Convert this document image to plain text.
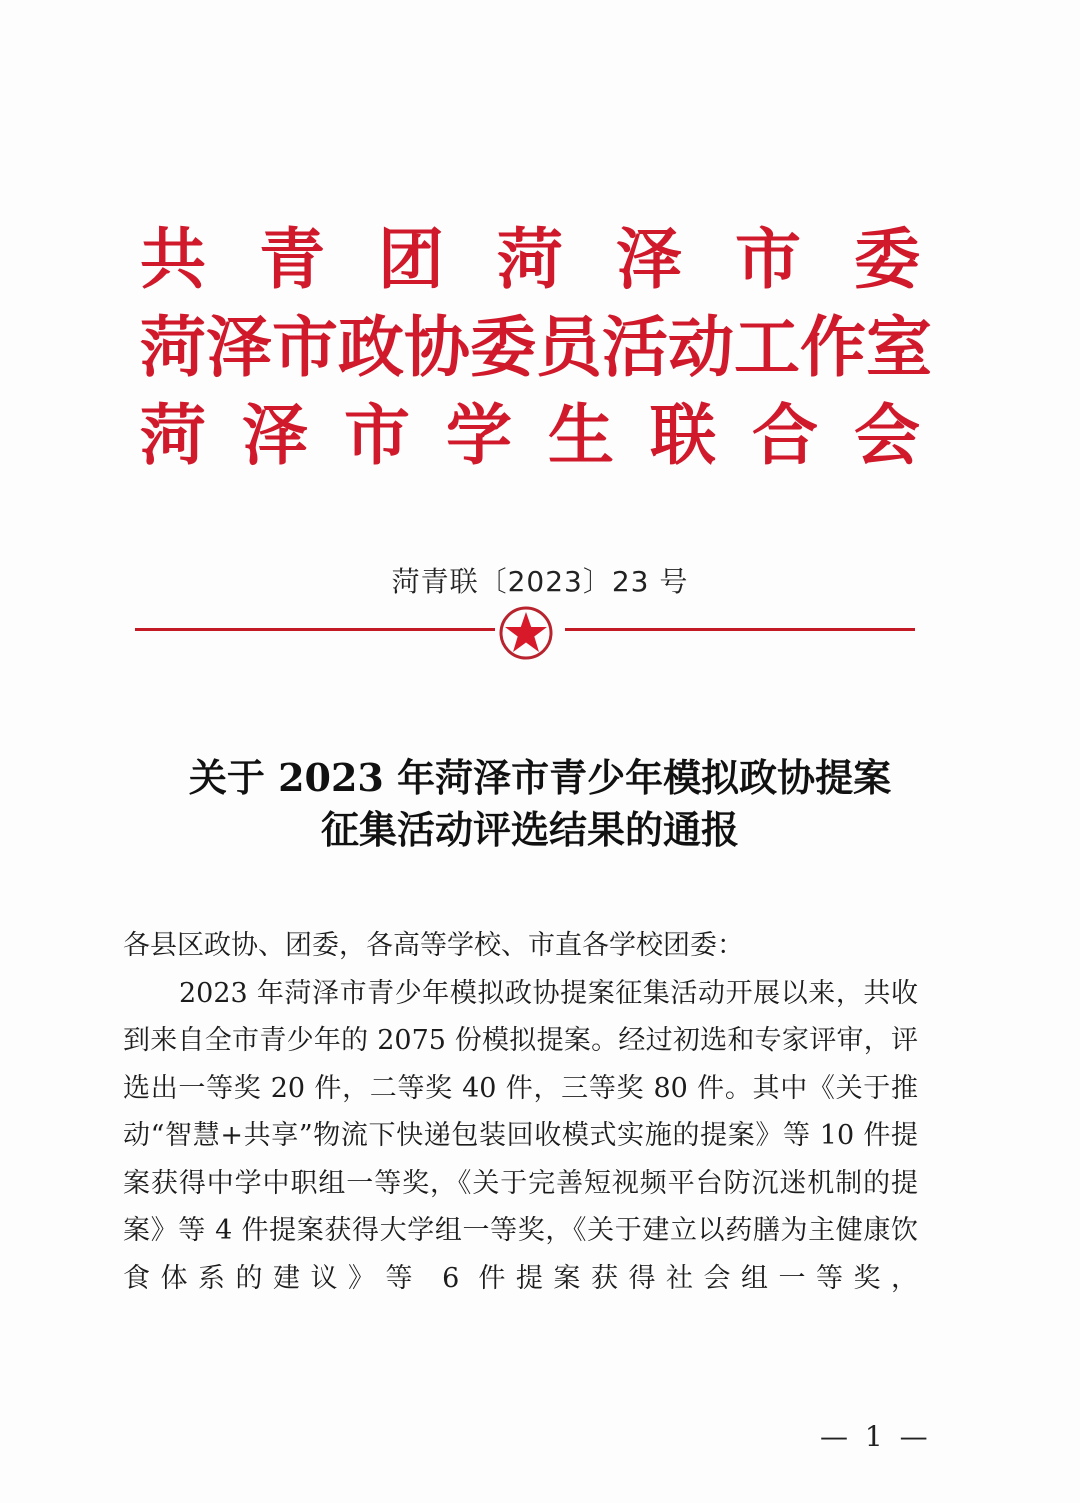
共 青 团 菏 泽 市 委
菏 泽 市 政 协 委 员 活 动 工 作 室
菏 泽 市 学 生 联 合 会
菏青联〔2023〕23 号
关于 2023 年菏泽市青少年模拟政协提案
征集活动评选结果的通报

各县区政协、团委，各高等学校、市直各学校团委：

2023 年菏泽市青少年模拟政协提案征集活动开展以来，共收到来自全市青少年的 2075 份模拟提案。经过初选和专家评审，评选出一等奖 20 件，二等奖 40 件，三等奖 80 件。其中《关于推动“智慧+共享”物流下快递包装回收模式实施的提案》等 10 件提案获得中学中职组一等奖，《关于完善短视频平台防沉迷机制的提案》等 4 件提案获得大学组一等奖，《关于建立以药膳为主健康饮食体系的建议》等 6 件提案获得社会组一等奖，

— 1 —
